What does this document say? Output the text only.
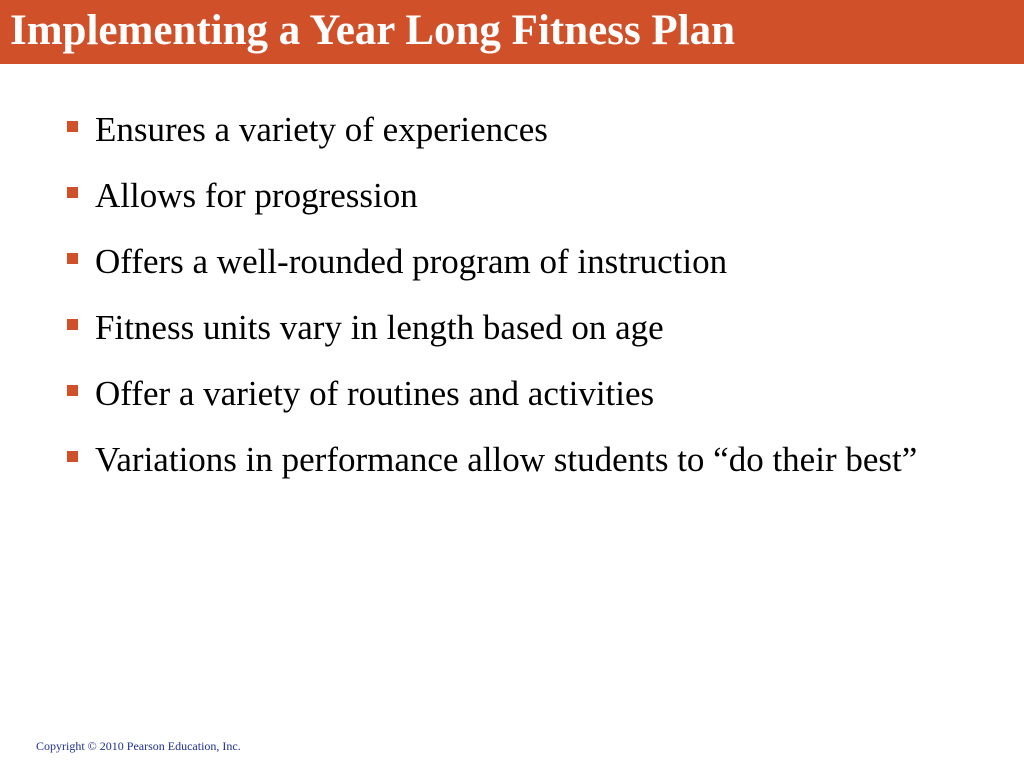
Implementing a Year Long Fitness Plan
Ensures a variety of experiences
Allows for progression
Offers a well-rounded program of instruction
Fitness units vary in length based on age
Offer a variety of routines and activities
Variations in performance allow students to “do their best”
Copyright © 2010 Pearson Education, Inc.
